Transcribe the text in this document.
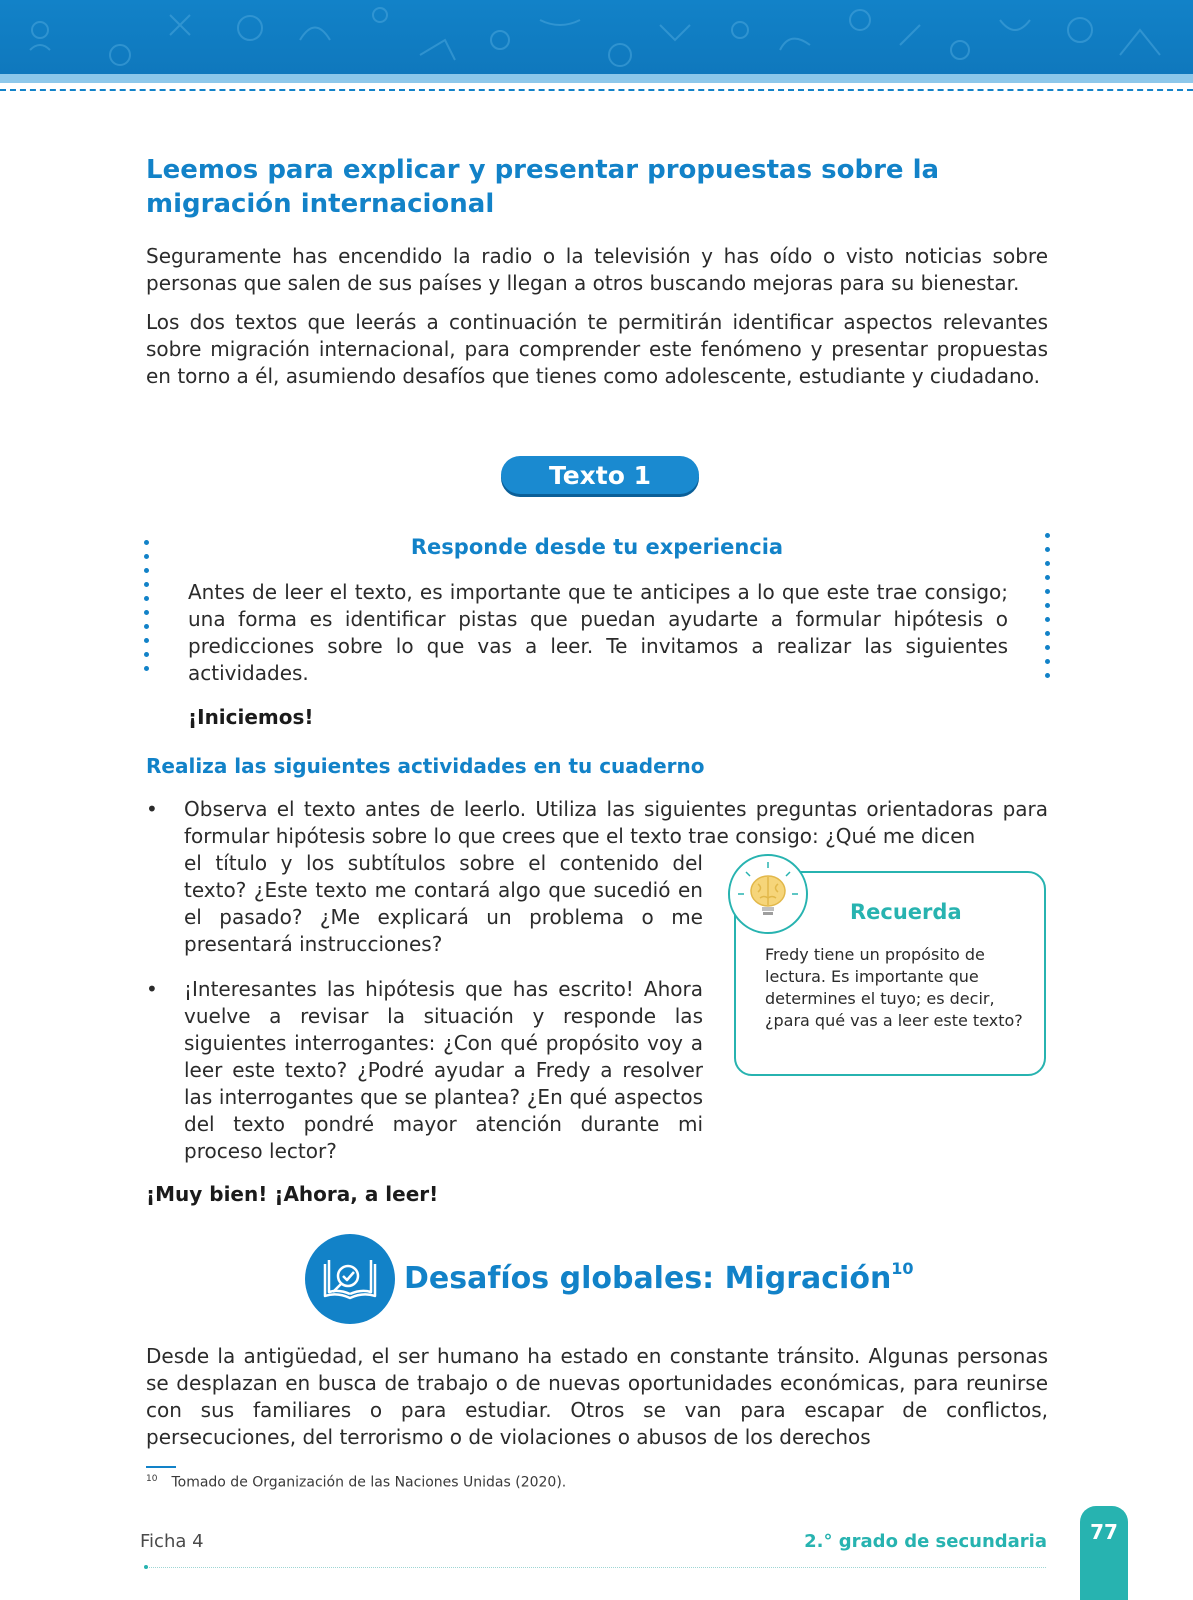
Leemos para explicar y presentar propuestas sobre la migración internacional

Seguramente has encendido la radio o la televisión y has oído o visto noticias sobre personas que salen de sus países y llegan a otros buscando mejoras para su bienestar.

Los dos textos que leerás a continuación te permitirán identificar aspectos relevantes sobre migración internacional, para comprender este fenómeno y presentar propuestas en torno a él, asumiendo desafíos que tienes como adolescente, estudiante y ciudadano.

Texto 1
Responde desde tu experiencia

Antes de leer el texto, es importante que te anticipes a lo que este trae consigo; una forma es identificar pistas que puedan ayudarte a formular hipótesis o predicciones sobre lo que vas a leer. Te invitamos a realizar las siguientes actividades.

¡Iniciemos!

Realiza las siguientes actividades en tu cuaderno
• Observa el texto antes de leerlo. Utiliza las siguientes preguntas orientadoras para formular hipótesis sobre lo que crees que el texto trae consigo: ¿Qué me dicen

el título y los subtítulos sobre el contenido del texto? ¿Este texto me contará algo que sucedió en el pasado? ¿Me explicará un problema o me presentará instrucciones?

• ¡Interesantes las hipótesis que has escrito! Ahora vuelve a revisar la situación y responde las siguientes interrogantes: ¿Con qué propósito voy a leer este texto? ¿Podré ayudar a Fredy a resolver las interrogantes que se plantea? ¿En qué aspectos del texto pondré mayor atención durante mi proceso lector?

Recuerda

Fredy tiene un propósito de lectura. Es importante que determines el tuyo; es decir, ¿para qué vas a leer este texto?

¡Muy bien! ¡Ahora, a leer!

Desafíos globales: Migración$^{10}$

Desde la antigüedad, el ser humano ha estado en constante tránsito. Algunas personas se desplazan en busca de trabajo o de nuevas oportunidades económicas, para reunirse con sus familiares o para estudiar. Otros se van para escapar de conflictos, persecuciones, del terrorismo o de violaciones o abusos de los derechos

$^{10}$ Tomado de Organización de las Naciones Unidas (2020).

Ficha 4	2.° grado de secundaria 77
